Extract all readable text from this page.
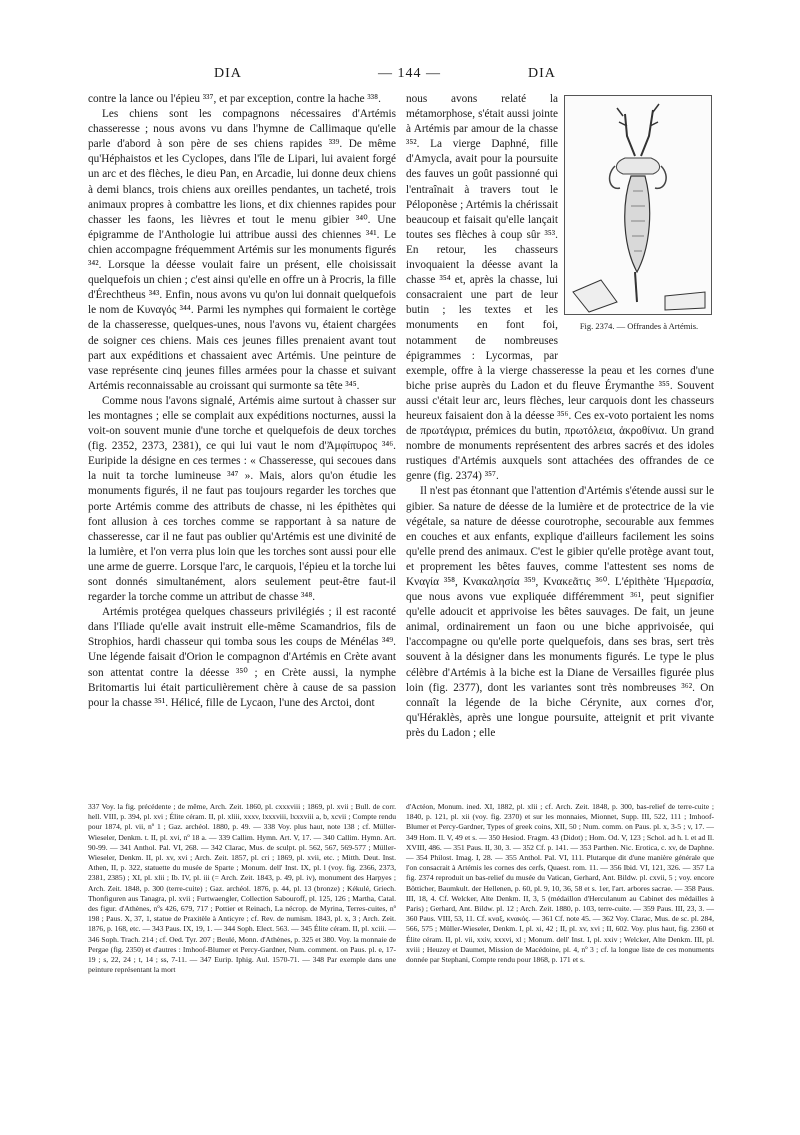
DIA	— 144 —	DIA

contre la lance ou l'épieu ³³⁷, et par exception, contre la hache ³³⁸.

Les chiens sont les compagnons nécessaires d'Artémis chasseresse ; nous avons vu dans l'hymne de Callimaque qu'elle parle d'abord à son père de ses chiens rapides ³³⁹. De même qu'Héphaistos et les Cyclopes, dans l'île de Lipari, lui avaient forgé un arc et des flèches, le dieu Pan, en Arcadie, lui donne deux chiens à demi blancs, trois chiens aux oreilles pendantes, un tacheté, trois animaux propres à combattre les lions, et dix chiennes rapides pour chasser les faons, les lièvres et tout le menu gibier ³⁴⁰. Une épigramme de l'Anthologie lui attribue aussi des chiennes ³⁴¹. Le chien accompagne fréquemment Artémis sur les monuments figurés ³⁴². Lorsque la déesse voulait faire un présent, elle choisissait quelquefois un chien ; c'est ainsi qu'elle en offre un à Procris, la fille d'Érechtheus ³⁴³. Enfin, nous avons vu qu'on lui donnait quelquefois le nom de Κυναγός ³⁴⁴. Parmi les nymphes qui formaient le cortège de la chasseresse, quelques-unes, nous l'avons vu, étaient chargées de soigner ces chiens. Mais ces jeunes filles prenaient avant tout part aux expéditions et chassaient avec Artémis. Une peinture de vase représente cinq jeunes filles armées pour la chasse et suivant Artémis reconnaissable au croissant qui surmonte sa tête ³⁴⁵.

Comme nous l'avons signalé, Artémis aime surtout à chasser sur les montagnes ; elle se complait aux expéditions nocturnes, aussi la voit-on souvent munie d'une torche et quelquefois de deux torches (fig. 2352, 2373, 2381), ce qui lui vaut le nom d'Ἀμφίπυρος ³⁴⁶. Euripide la désigne en ces termes : « Chasseresse, qui secoues dans la nuit ta torche lumineuse ³⁴⁷ ». Mais, alors qu'on étudie les monuments figurés, il ne faut pas toujours regarder les torches que porte Artémis comme des attributs de chasse, ni les épithètes qui font allusion à ces torches comme se rapportant à sa nature de chasseresse, car il ne faut pas oublier qu'Artémis est une divinité de la lumière, et l'on verra plus loin que les torches sont aussi pour elle une arme de guerre. Lorsque l'arc, le carquois, l'épieu et la torche lui sont donnés simultanément, alors seulement peut-être faut-il regarder la torche comme un attribut de chasse ³⁴⁸.

Artémis protégea quelques chasseurs privilégiés ; il est raconté dans l'Iliade qu'elle avait instruit elle-même Scamandrios, fils de Strophios, hardi chasseur qui tomba sous les coups de Ménélas ³⁴⁹. Une légende faisait d'Orion le compagnon d'Artémis en Crète avant son attentat contre la déesse ³⁵⁰ ; en Crète aussi, la nymphe Britomartis lui était particulièrement chère à cause de sa passion pour la chasse ³⁵¹. Hélicé, fille de Lycaon, l'une des Arctoi, dont

Fig. 2374. — Offrandes à Artémis.

nous avons relaté la métamorphose, s'était aussi jointe à Artémis par amour de la chasse ³⁵². La vierge Daphné, fille d'Amycla, avait pour la poursuite des fauves un goût passionné qui l'entraînait à travers tout le Péloponèse ; Artémis la chérissait beaucoup et faisait qu'elle lançait toutes ses flèches à coup sûr ³⁵³. En retour, les chasseurs invoquaient la déesse avant la chasse ³⁵⁴ et, après la chasse, lui consacraient une part de leur butin ; les textes et les monuments en font foi, notamment de nombreuses épigrammes : Lycormas, par exemple, offre à la vierge chasseresse la peau et les cornes d'une biche prise auprès du Ladon et du fleuve Érymanthe ³⁵⁵. Souvent aussi c'était leur arc, leurs flèches, leur carquois dont les chasseurs heureux faisaient don à la déesse ³⁵⁶. Ces ex-voto portaient les noms de πρωτάγρια, prémices du butin, πρωτόλεια, ἀκροθίνια. Un grand nombre de monuments représentent des arbres sacrés et des idoles rustiques d'Artémis auxquels sont attachées des offrandes de ce genre (fig. 2374) ³⁵⁷.

Il n'est pas étonnant que l'attention d'Artémis s'étende aussi sur le gibier. Sa nature de déesse de la lumière et de protectrice de la vie végétale, sa nature de déesse courotrophe, secourable aux femmes en couches et aux enfants, explique d'ailleurs facilement les soins qu'elle prend des animaux. C'est le gibier qu'elle protège avant tout, et proprement les bêtes fauves, comme l'attestent ses noms de Κναγία ³⁵⁸, Κνακαλησία ³⁵⁹, Κνακεᾶτις ³⁶⁰. L'épithète Ἡμερασία, que nous avons vue expliquée différemment ³⁶¹, peut signifier qu'elle adoucit et apprivoise les bêtes sauvages. De fait, un jeune animal, ordinairement un faon ou une biche apprivoisée, qui l'accompagne ou qu'elle porte quelquefois, dans ses bras, sert très souvent à la désigner dans les monuments figurés. Le type le plus célèbre d'Artémis à la biche est la Diane de Versailles figurée plus loin (fig. 2377), dont les variantes sont très nombreuses ³⁶². On connaît la légende de la biche Cérynite, aux cornes d'or, qu'Héraklès, après une longue poursuite, atteignit et prit vivante près du Ladon ; elle

337 Voy. la fig. précédente ; de même, Arch. Zeit. 1860, pl. cxxxviii ; 1869, pl. xvii ; Bull. de corr. hell. VIII, p. 394, pl. xvi ; Élite céram. II, pl. xliii, xxxv, lxxxviii, lxxxviii a, b, xcvii ; Compte rendu pour 1874, pl. vii, nº 1 ; Gaz. archéol. 1880, p. 49. — 338 Voy. plus haut, note 138 ; cf. Müller-Wieseler, Denkm. t. II, pl. xvi, nº 18 a. — 339 Callim. Hymn. Art. V, 17. — 340 Callim. Hymn. Art. 90-99. — 341 Anthol. Pal. VI, 268. — 342 Clarac, Mus. de sculpt. pl. 562, 567, 569-577 ; Müller-Wieseler, Denkm. II, pl. xv, xvi ; Arch. Zeit. 1857, pl. cri ; 1869, pl. xvii, etc. ; Mitth. Deut. Inst. Athen, II, p. 322, statuette du musée de Sparte ; Monum. dell' Inst. IX, pl. l (voy. fig. 2366, 2373, 2381, 2385) ; XI, pl. xlii ; Ib. IV, pl. iii (= Arch. Zeit. 1843, p. 49, pl. iv), monument des Harpyes ; Arch. Zeit. 1848, p. 300 (terre-cuite) ; Gaz. archéol. 1876, p. 44, pl. 13 (bronze) ; Kékulé, Griech. Thonfiguren aus Tanagra, pl. xvii ; Furtwaengler, Collection Sabouroff, pl. 125, 126 ; Martha, Catal. des figur. d'Athènes, nºs 426, 679, 717 ; Pottier et Reinach, La nécrop. de Myrina, Terres-cuites, nº 198 ; Paus. X, 37, 1, statue de Praxitèle à Anticyre ; cf. Rev. de numism. 1843, pl. x, 3 ; Arch. Zeit. 1876, p. 168, etc. — 343 Paus. IX, 19, 1. — 344 Soph. Elect. 563. — 345 Élite céram. II, pl. xciii. — 346 Soph. Trach. 214 ; cf. Oed. Tyr. 207 ; Beulé, Monn. d'Athènes, p. 325 et 380. Voy. la monnaie de Pergae (fig. 2350) et d'autres : Imhoof-Blumer et Percy-Gardner, Num. comment. on Paus. pl. e, 17-19 ; s, 22, 24 ; t, 14 ; ss, 7-11. — 347 Eurip. Iphig. Aul. 1570-71. — 348 Par exemple dans une peinture représentant la mort
d'Actéon, Monum. ined. XI, 1882, pl. xlii ; cf. Arch. Zeit. 1848, p. 300, bas-relief de terre-cuite ; 1840, p. 121, pl. xii (voy. fig. 2370) et sur les monnaies, Mionnet, Supp. III, 522, 111 ; Imhoof-Blumer et Percy-Gardner, Types of greek coins, XII, 50 ; Num. comm. on Paus. pl. x, 3-5 ; v, 17. — 349 Hom. Il. V, 49 et s. — 350 Hesiod. Fragm. 43 (Didot) ; Hom. Od. V, 123 ; Schol. ad h. l. et ad Il. XVIII, 486. — 351 Paus. II, 30, 3. — 352 Cf. p. 141. — 353 Parthen. Nic. Erotica, c. xv, de Daphne. — 354 Philost. Imag. I, 28. — 355 Anthol. Pal. VI, 111. Plutarque dit d'une manière générale que l'on consacrait à Artémis les cornes des cerfs, Quaest. rom. 11. — 356 Ibid. VI, 121, 326. — 357 La fig. 2374 reproduit un bas-relief du musée du Vatican, Gerhard, Ant. Bildw. pl. cxvii, 5 ; voy. encore Bötticher, Baumkult. der Hellenen, p. 60, pl. 9, 10, 36, 58 et s. 1er, l'art. arbores sacrae. — 358 Paus. III, 18, 4. Cf. Welcker, Alte Denkm. II, 3, 5 (médaillon d'Herculanum au Cabinet des médailles à Paris) ; Gerhard, Ant. Bildw. pl. 12 ; Arch. Zeit. 1880, p. 103, terre-cuite. — 359 Paus. III, 23, 3. — 360 Paus. VIII, 53, 11. Cf. κναξ, κνακός. — 361 Cf. note 45. — 362 Voy. Clarac, Mus. de sc. pl. 284, 566, 575 ; Müller-Wieseler, Denkm. I, pl. xi, 42 ; II, pl. xv, xvi ; II, 602. Voy. plus haut, fig. 2360 et Élite céram. II, pl. vii, xxiv, xxxvi, xl ; Monum. dell' Inst. I, pl. xxiv ; Welcker, Alte Denkm. III, pl. xviii ; Heuzey et Daumet, Mission de Macédoine, pl. 4, nº 3 ; cf. la longue liste de ces monuments donnée par Stephani, Compte rendu pour 1868, p. 171 et s.
